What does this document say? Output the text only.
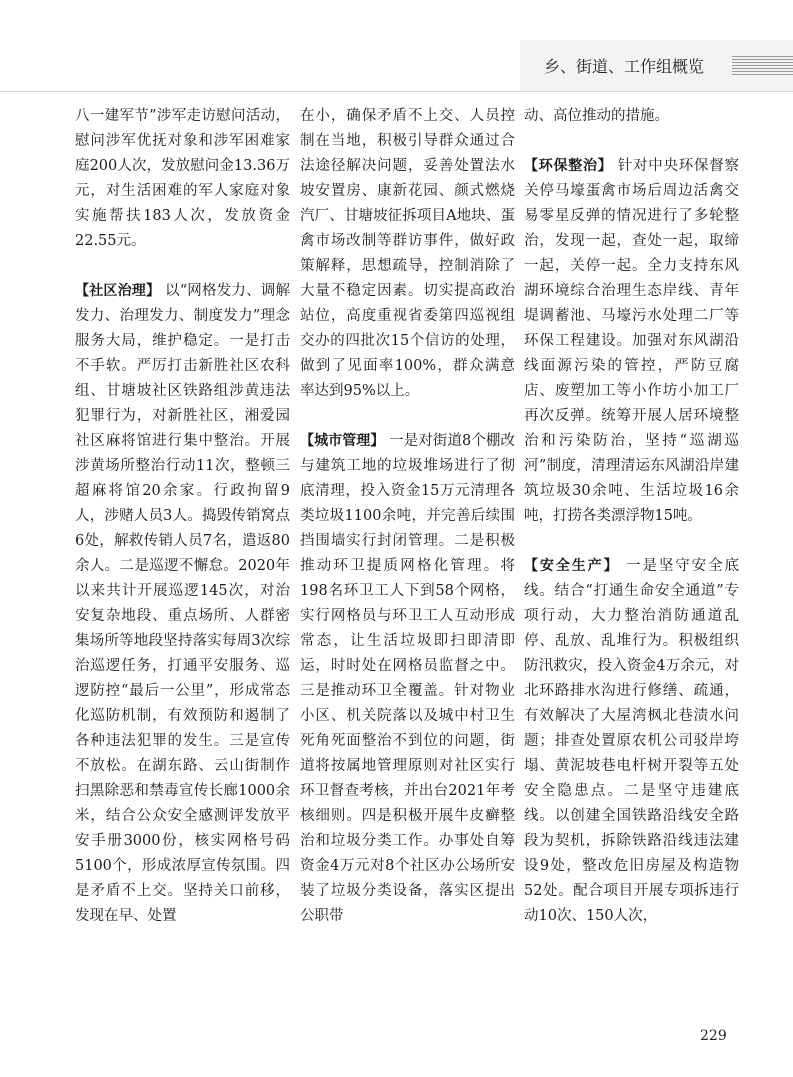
乡、街道、工作组概览

八一建军节”涉军走访慰问活动，慰问涉军优抚对象和涉军困难家庭200人次，发放慰问金13.36万元，对生活困难的军人家庭对象实施帮扶183人次，发放资金22.55元。

【社区治理】 以“网格发力、调解发力、治理发力、制度发力”理念服务大局，维护稳定。一是打击不手软。严厉打击新胜社区农科组、甘塘坡社区铁路组涉黄违法犯罪行为，对新胜社区，湘爱园社区麻将馆进行集中整治。开展涉黄场所整治行动11次，整顿三超麻将馆20余家。行政拘留9人，涉赌人员3人。捣毁传销窝点6处，解救传销人员7名，遣返80余人。二是巡逻不懈怠。2020年以来共计开展巡逻145次，对治安复杂地段、重点场所、人群密集场所等地段坚持落实每周3次综治巡逻任务，打通平安服务、巡逻防控“最后一公里”，形成常态化巡防机制，有效预防和遏制了各种违法犯罪的发生。三是宣传不放松。在湖东路、云山街制作扫黑除恶和禁毒宣传长廊1000余米，结合公众安全感测评发放平安手册3000份，核实网格号码5100个，形成浓厚宣传氛围。四是矛盾不上交。坚持关口前移，发现在早、处置

在小，确保矛盾不上交、人员控制在当地，积极引导群众通过合法途径解决问题，妥善处置法水坡安置房、康新花园、颜式燃烧汽厂、甘塘坡征拆项目A地块、蛋禽市场改制等群访事件，做好政策解释，思想疏导，控制消除了大量不稳定因素。切实提高政治站位，高度重视省委第四巡视组交办的四批次15个信访的处理，做到了见面率100%，群众满意率达到95%以上。

【城市管理】 一是对街道8个棚改与建筑工地的垃圾堆场进行了彻底清理，投入资金15万元清理各类垃圾1100余吨，并完善后续围挡围墙实行封闭管理。二是积极推动环卫提质网格化管理。将198名环卫工人下到58个网格，实行网格员与环卫工人互动形成常态，让生活垃圾即扫即清即运，时时处在网格员监督之中。三是推动环卫全覆盖。针对物业小区、机关院落以及城中村卫生死角死面整治不到位的问题，街道将按属地管理原则对社区实行环卫督查考核，并出台2021年考核细则。四是积极开展牛皮癣整治和垃圾分类工作。办事处自筹资金4万元对8个社区办公场所安装了垃圾分类设备，落实区提出公职带

动、高位推动的措施。

【环保整治】 针对中央环保督察关停马壕蛋禽市场后周边活禽交易零星反弹的情况进行了多轮整治，发现一起，查处一起，取缔一起，关停一起。全力支持东风湖环境综合治理生态岸线、青年堤调蓄池、马壕污水处理二厂等环保工程建设。加强对东风湖沿线面源污染的管控，严防豆腐店、废塑加工等小作坊小加工厂再次反弹。统筹开展人居环境整治和污染防治，坚持“巡湖巡河”制度，清理清运东风湖沿岸建筑垃圾30余吨、生活垃圾16余吨，打捞各类漂浮物15吨。

【安全生产】 一是坚守安全底线。结合“打通生命安全通道”专项行动，大力整治消防通道乱停、乱放、乱堆行为。积极组织防汛救灾，投入资金4万余元，对北环路排水沟进行修缮、疏通，有效解决了大屋湾枫北巷渍水问题；排查处置原农机公司驳岸垮塌、黄泥坡巷电杆树开裂等五处安全隐患点。二是坚守违建底线。以创建全国铁路沿线安全路段为契机，拆除铁路沿线违法建设9处，整改危旧房屋及构造物52处。配合项目开展专项拆违行动10次、150人次，

229
